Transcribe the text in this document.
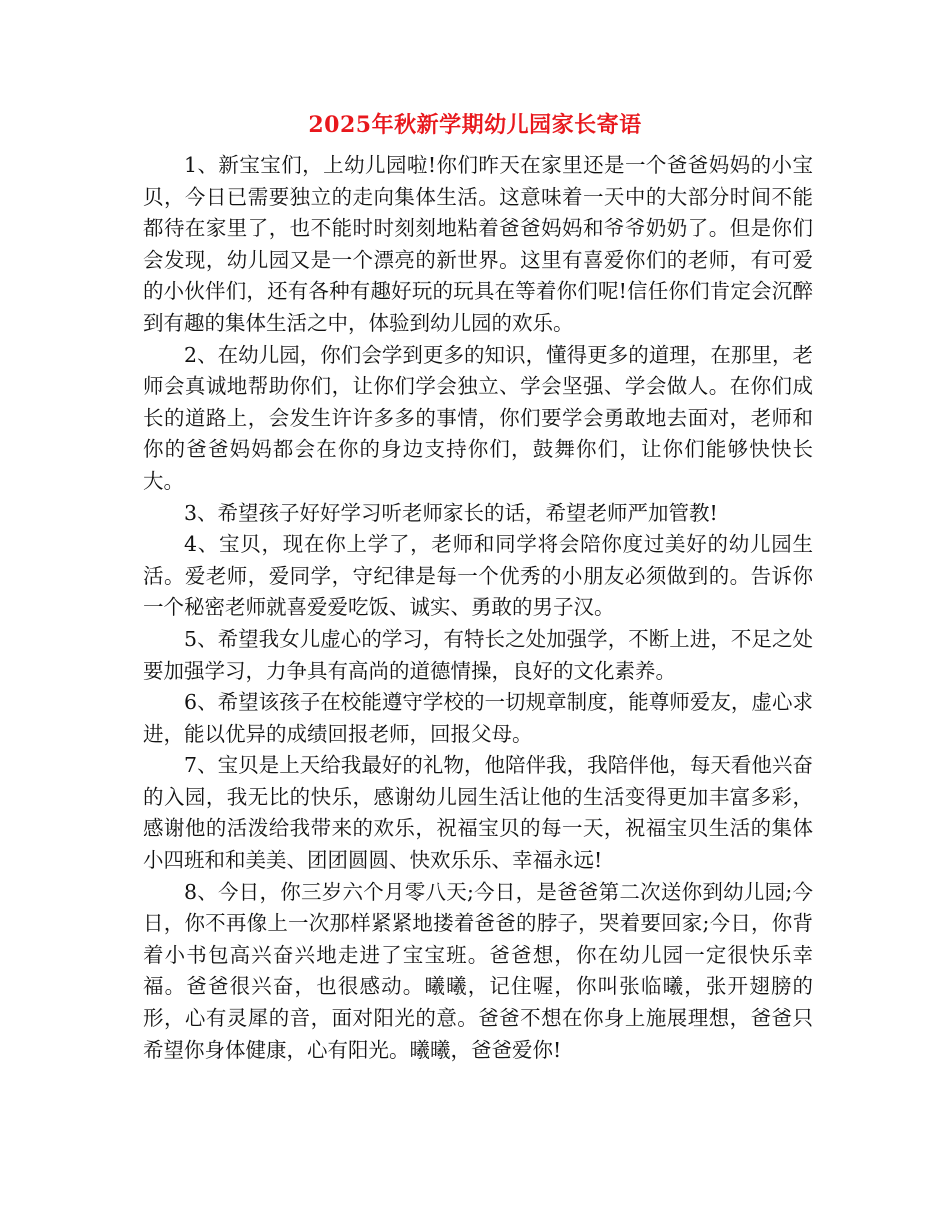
2025年秋新学期幼儿园家长寄语

1、新宝宝们，上幼儿园啦!你们昨天在家里还是一个爸爸妈妈的小宝贝，今日已需要独立的走向集体生活。这意味着一天中的大部分时间不能都待在家里了，也不能时时刻刻地粘着爸爸妈妈和爷爷奶奶了。但是你们会发现，幼儿园又是一个漂亮的新世界。这里有喜爱你们的老师，有可爱的小伙伴们，还有各种有趣好玩的玩具在等着你们呢!信任你们肯定会沉醉到有趣的集体生活之中，体验到幼儿园的欢乐。

2、在幼儿园，你们会学到更多的知识，懂得更多的道理，在那里，老师会真诚地帮助你们，让你们学会独立、学会坚强、学会做人。在你们成长的道路上，会发生许许多多的事情，你们要学会勇敢地去面对，老师和你的爸爸妈妈都会在你的身边支持你们，鼓舞你们，让你们能够快快长大。

3、希望孩子好好学习听老师家长的话，希望老师严加管教!

4、宝贝，现在你上学了，老师和同学将会陪你度过美好的幼儿园生活。爱老师，爱同学，守纪律是每一个优秀的小朋友必须做到的。告诉你一个秘密老师就喜爱爱吃饭、诚实、勇敢的男子汉。

5、希望我女儿虚心的学习，有特长之处加强学，不断上进，不足之处要加强学习，力争具有高尚的道德情操，良好的文化素养。

6、希望该孩子在校能遵守学校的一切规章制度，能尊师爱友，虚心求进，能以优异的成绩回报老师，回报父母。

7、宝贝是上天给我最好的礼物，他陪伴我，我陪伴他，每天看他兴奋的入园，我无比的快乐，感谢幼儿园生活让他的生活变得更加丰富多彩，感谢他的活泼给我带来的欢乐，祝福宝贝的每一天，祝福宝贝生活的集体小四班和和美美、团团圆圆、快欢乐乐、幸福永远!

8、今日，你三岁六个月零八天;今日，是爸爸第二次送你到幼儿园;今日，你不再像上一次那样紧紧地搂着爸爸的脖子，哭着要回家;今日，你背着小书包高兴奋兴地走进了宝宝班。爸爸想，你在幼儿园一定很快乐幸福。爸爸很兴奋，也很感动。曦曦，记住喔，你叫张临曦，张开翅膀的形，心有灵犀的音，面对阳光的意。爸爸不想在你身上施展理想，爸爸只希望你身体健康，心有阳光。曦曦，爸爸爱你!
